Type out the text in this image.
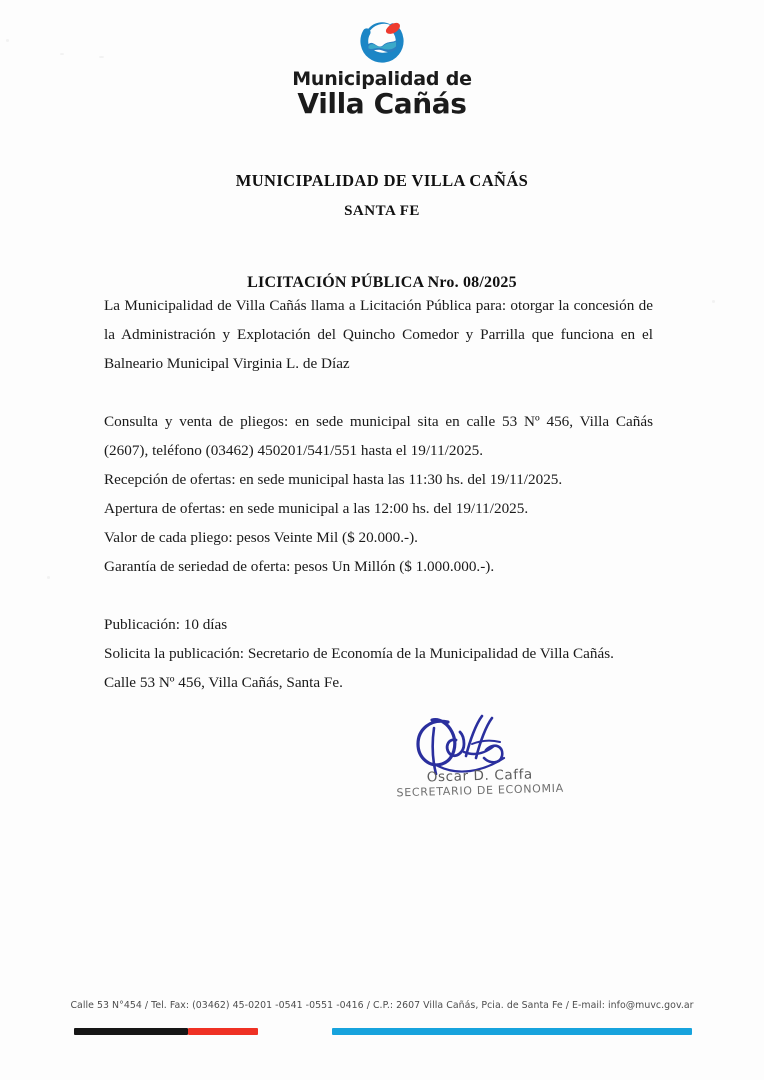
Municipalidad de
Villa Cañás
MUNICIPALIDAD DE VILLA CAÑÁS
SANTA FE
LICITACIÓN PÚBLICA Nro. 08/2025

La Municipalidad de Villa Cañás llama a Licitación Pública para: otorgar la concesión de la Administración y Explotación del Quincho Comedor y Parrilla que funciona en el Balneario Municipal Virginia L. de Díaz

Consulta y venta de pliegos: en sede municipal sita en calle 53 Nº 456, Villa Cañás (2607), teléfono (03462) 450201/541/551 hasta el 19/11/2025.

Recepción de ofertas: en sede municipal hasta las 11:30 hs. del 19/11/2025.

Apertura de ofertas: en sede municipal a las 12:00 hs. del 19/11/2025.

Valor de cada pliego: pesos Veinte Mil ($ 20.000.-).

Garantía de seriedad de oferta: pesos Un Millón ($ 1.000.000.-).

Publicación: 10 días

Solicita la publicación: Secretario de Economía de la Municipalidad de Villa Cañás.

Calle 53 Nº 456, Villa Cañás, Santa Fe.

Oscar D. Caffa
SECRETARIO DE ECONOMIA
Calle 53 N°454 / Tel. Fax: (03462) 45-0201 -0541 -0551 -0416 / C.P.: 2607 Villa Cañás, Pcia. de Santa Fe / E-mail: info@muvc.gov.ar
